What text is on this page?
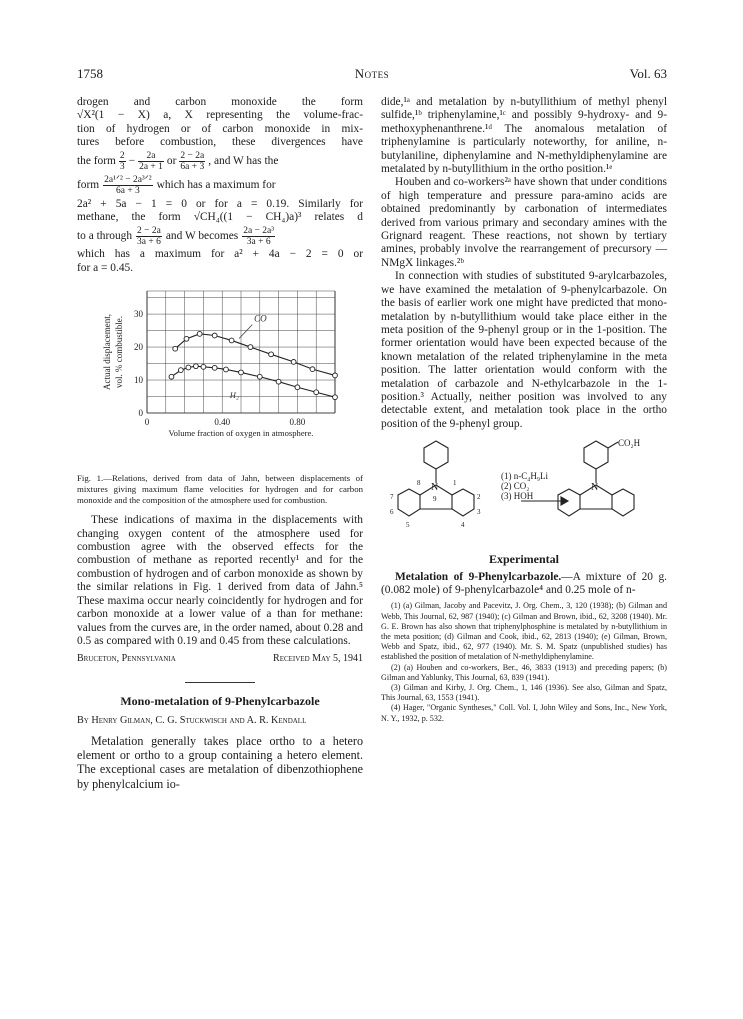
1758	Notes	Vol. 63

drogen and carbon monoxide the form

√X²(1 − X) a, X representing the volume-frac-

tion of hydrogen or of carbon monoxide in mix-

tures before combustion, these divergences have

the form $\frac{2}{3} - \frac{2a}{2a + 1}$ or $\frac{2 - 2a}{6a + 3}$ , and W has the

form $\frac{\text{2a¹ᐟ² − 2a³ᐟ²}}{6a + 3}$ which has a maximum for

2a² + 5a − 1 = 0 or for a = 0.19. Similarly for

methane, the form √CH₄((1 − CH₄)a)³ relates d

to a through $\frac{2 - 2a}{3a + 6}$ and W becomes $\frac{\text{2a − 2a³}}{3a + 6}$

which has a maximum for a² + 4a − 2 = 0 or

for a = 0.45.

0
10
20
30
0	0.40	0.80
Volume fraction of oxygen in atmosphere.
Actual displacement, vol. % combustible.	CO
H₂
Fig. 1.—Relations, derived from data of Jahn, between displacements of mixtures giving maximum flame velocities for hydrogen and for carbon monoxide and the composition of the atmosphere used for combustion.

These indications of maxima in the displacements with changing oxygen content of the atmosphere used for combustion agree with the observed effects for the combustion of methane as reported recently¹ and for the combustion of hydrogen and of carbon monoxide as shown by the similar relations in Fig. 1 derived from data of Jahn.⁵ These maxima occur nearly coincidently for hydrogen and for carbon monoxide at a lower value of a than for methane: values from the curves are, in the order named, about 0.28 and 0.5 as compared with 0.19 and 0.45 from these calculations.

Bruceton, Pennsylvania	Received May 5, 1941
Mono-metalation of 9-Phenylcarbazole
By Henry Gilman, C. G. Stuckwisch and A. R. Kendall

Metalation generally takes place ortho to a hetero element or ortho to a group containing a hetero element. The exceptional cases are metalation of dibenzothiophene by phenylcalcium io-

dide,¹ᵃ and metalation by n-butyllithium of methyl phenyl sulfide,¹ᵇ triphenylamine,¹ᶜ and possibly 9-hydroxy- and 9-methoxyphenanthrene.¹ᵈ The anomalous metalation of triphenylamine is particularly noteworthy, for aniline, n-butylaniline, diphenylamine and N-methyldiphenylamine are metalated by n-butyllithium in the ortho position.¹ᵉ

Houben and co-workers²ᵃ have shown that under conditions of high temperature and pressure para-amino acids are obtained predominantly by carbonation of intermediates derived from various primary and secondary amines with the Grignard reagent. These reactions, not shown by tertiary amines, probably involve the rearrangement of precursory —NMgX linkages.²ᵇ

In connection with studies of substituted 9-arylcarbazoles, we have examined the metalation of 9-phenylcarbazole. On the basis of earlier work one might have predicted that mono-metalation by n-butyllithium would take place either in the meta position of the 9-phenyl group or in the 1-position. The former orientation would have been expected because of the known metalation of the related triphenylamine in the meta position. The latter orientation would conform with the metalation of carbazole and N-ethylcarbazole in the 1-position.³ Actually, neither position was involved to any detectable extent, and metalation took place in the ortho position of the 9-phenyl group.

N	N
CO₂H
8	1
9
7	2
6	3
5	4
(1) n-C₄H₉Li
(2) CO₂
(3) HOH
Experimental

Metalation of 9-Phenylcarbazole.—A mixture of 20 g. (0.082 mole) of 9-phenylcarbazole⁴ and 0.25 mole of n-

(1) (a) Gilman, Jacoby and Pacevitz, J. Org. Chem., 3, 120 (1938); (b) Gilman and Webb, This Journal, 62, 987 (1940); (c) Gilman and Brown, ibid., 62, 3208 (1940). Mr. G. E. Brown has also shown that triphenylphosphine is metalated by n-butyllithium in the meta position; (d) Gilman and Cook, ibid., 62, 2813 (1940); (e) Gilman, Brown, Webb and Spatz, ibid., 62, 977 (1940). Mr. S. M. Spatz (unpublished studies) has established the position of metalation of N-methyldiphenylamine.

(2) (a) Houben and co-workers, Ber., 46, 3833 (1913) and preceding papers; (b) Gilman and Yablunky, This Journal, 63, 839 (1941).

(3) Gilman and Kirby, J. Org. Chem., 1, 146 (1936). See also, Gilman and Spatz, This Journal, 63, 1553 (1941).

(4) Hager, "Organic Syntheses," Coll. Vol. I, John Wiley and Sons, Inc., New York, N. Y., 1932, p. 532.
